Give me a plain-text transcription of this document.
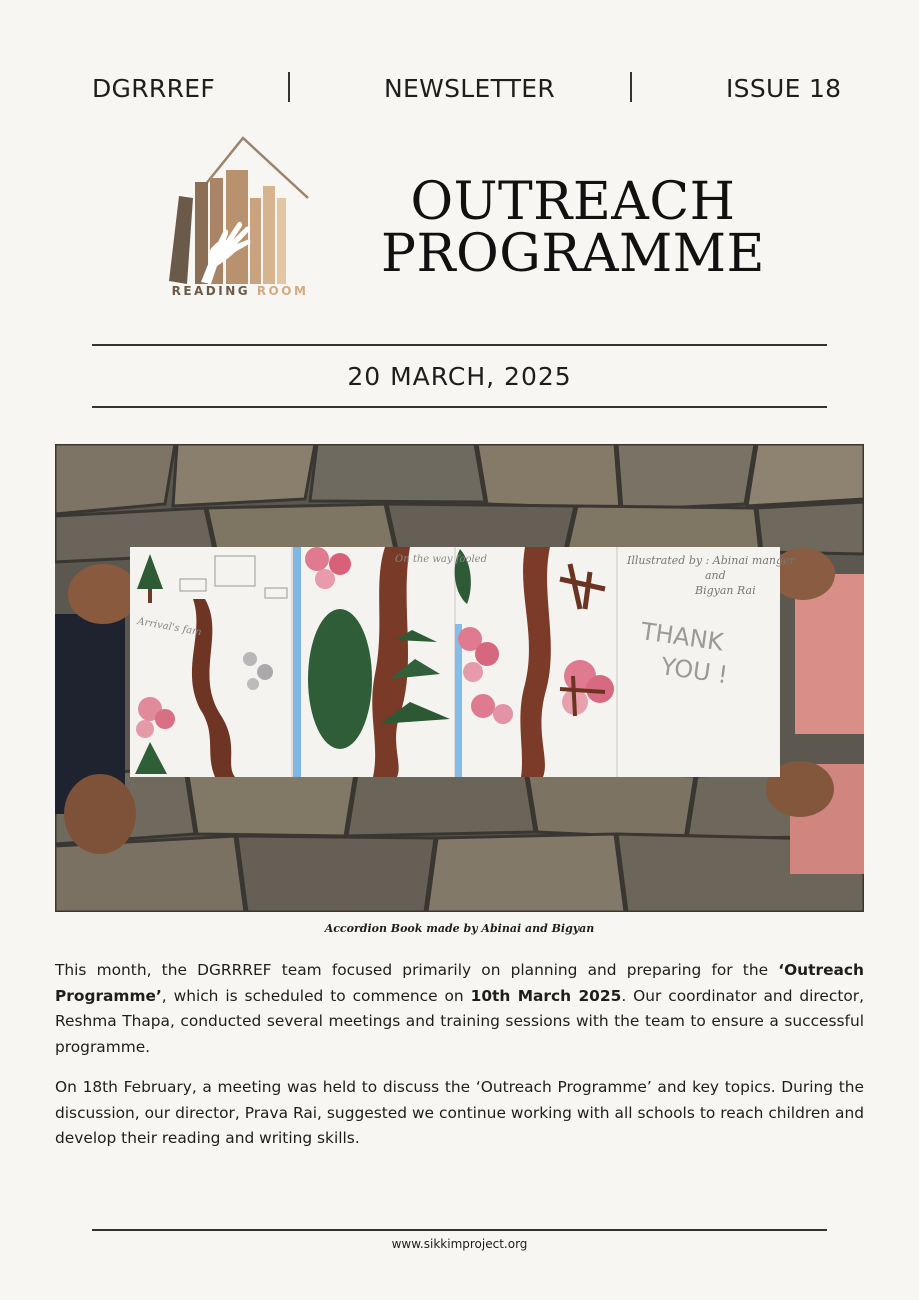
DGRRREF	NEWSLETTER	ISSUE 18
READING ROOM
OUTREACH
PROGRAMME
20 MARCH, 2025
Illustrated by : Abinai manger
and
Bigyan Rai
THANK
YOU !
Arrival's fam
On the way fooled
Accordion Book made by Abinai and Bigyan

This month, the DGRRREF team focused primarily on planning and preparing for the ‘Outreach Programme’, which is scheduled to commence on 10th March 2025. Our coordinator and director, Reshma Thapa, conducted several meetings and training sessions with the team to ensure a successful programme.

On 18th February, a meeting was held to discuss the ‘Outreach Programme’ and key topics. During the discussion, our director, Prava Rai, suggested we continue working with all schools to reach children and develop their reading and writing skills.

www.sikkimproject.org
